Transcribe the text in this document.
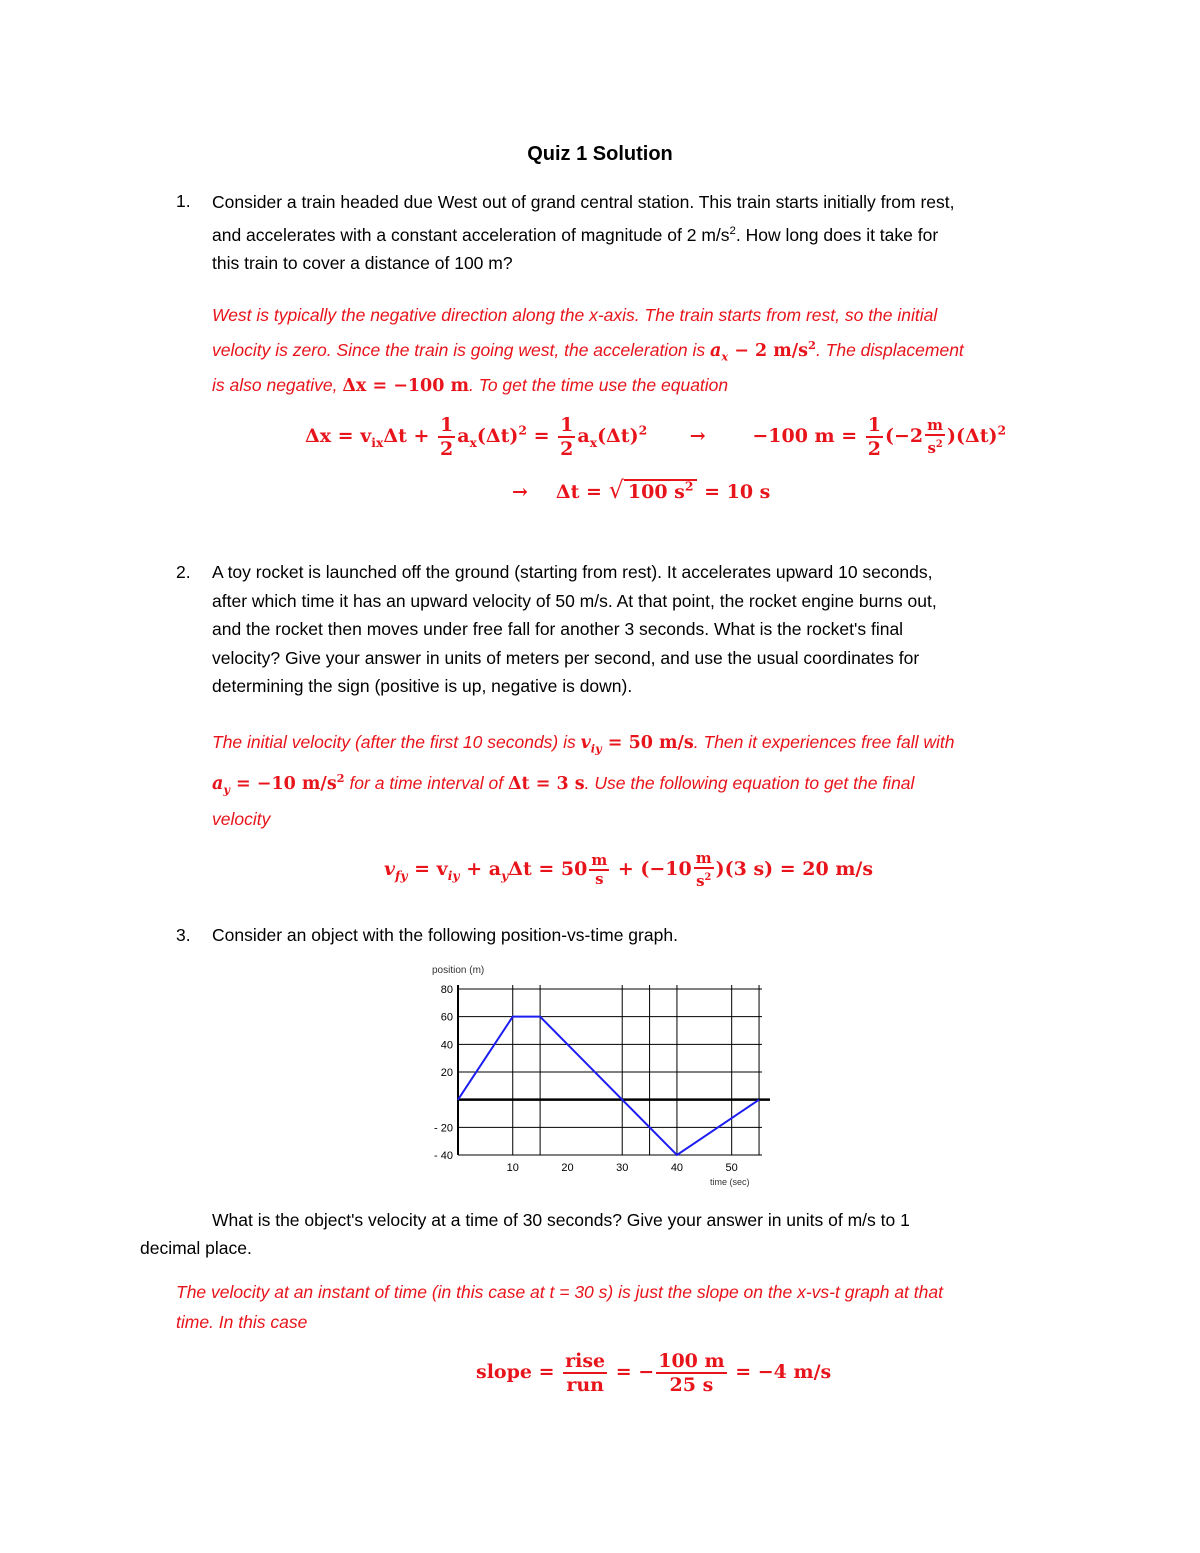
Quiz 1 Solution
1. Consider a train headed due West out of grand central station. This train starts initially from rest,
and accelerates with a constant acceleration of magnitude of 2 $m/s^2$. How long does it take for
this train to cover a distance of 100 m?
West is typically the negative direction along the x-axis. The train starts from rest, so the initial
velocity is zero. Since the train is going west, the acceleration is $a_x - 2$ $m/s^2$. The displacement
is also negative, Δx = −100 m. To get the time use the equation
$\Delta x = v_{ix}\Delta t + \frac{1}{2} a_x(\Delta t)^2 = \frac{1}{2} a_x(\Delta t)^2 \to -100$ $m = \frac{1}{2} (-2 \frac{m}{s^2} )(\Delta t)^2$
→ Δt = √ 100 $s^2 = 10$ s
2. A toy rocket is launched off the ground (starting from rest). It accelerates upward 10 seconds,
after which time it has an upward velocity of 50 m/s. At that point, the rocket engine burns out,
and the rocket then moves under free fall for another 3 seconds. What is the rocket's final
velocity? Give your answer in units of meters per second, and use the usual coordinates for
determining the sign (positive is up, negative is down).
The initial velocity (after the first 10 seconds) is $v_{iy} = 50$ m/s. Then it experiences free fall with
$a_y = -10$ $m/s^2$ for a time interval of Δt = 3 s. Use the following equation to get the final
velocity
$v_{fy} = v_{iy} + a_y\Delta t = 50 \frac{m}{s} + (-10 \frac{m}{s^2} )(3$ s) = 20 m/s
3. Consider an object with the following position-vs-time graph.
80
60
40
20
- 20
- 40
10	20	30	40	50
position (m)
time (sec)
What is the object's velocity at a time of 30 seconds? Give your answer in units of m/s to 1
decimal place.
The velocity at an instant of time (in this case at t = 30 s) is just the slope on the x-vs-t graph at that
time. In this case
slope = $\frac{\text{rise}}{\text{run}}$ = − $\frac{100 m}{25 s} = -4$ m/s
